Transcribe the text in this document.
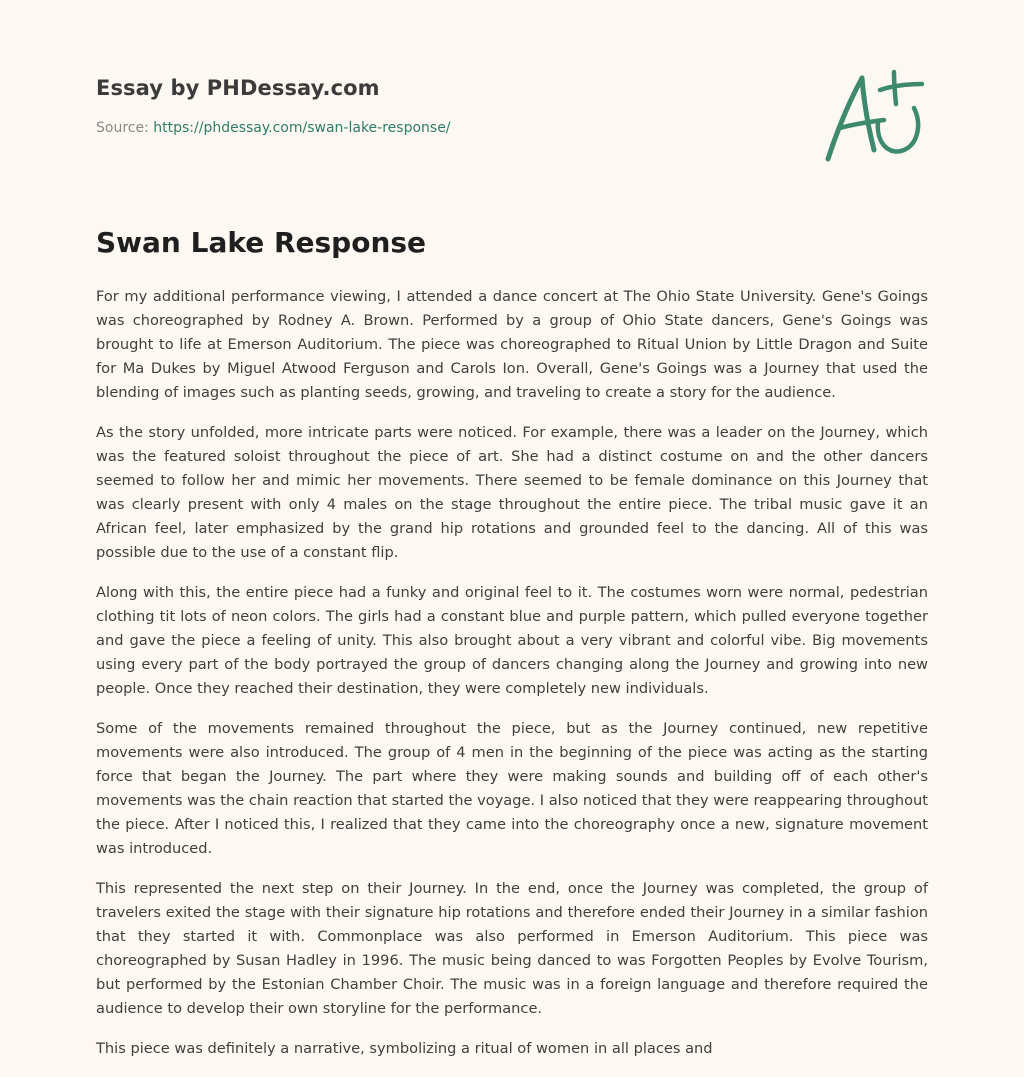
Essay by PHDessay.com
Source: https://phdessay.com/swan-lake-response/
Swan Lake Response

For my additional performance viewing, I attended a dance concert at The Ohio State University. Gene's Goings was choreographed by Rodney A. Brown. Performed by a group of Ohio State dancers, Gene's Goings was brought to life at Emerson Auditorium. The piece was choreographed to Ritual Union by Little Dragon and Suite for Ma Dukes by Miguel Atwood Ferguson and Carols Ion. Overall, Gene's Goings was a Journey that used the blending of images such as planting seeds, growing, and traveling to create a story for the audience.

As the story unfolded, more intricate parts were noticed. For example, there was a leader on the Journey, which was the featured soloist throughout the piece of art. She had a distinct costume on and the other dancers seemed to follow her and mimic her movements. There seemed to be female dominance on this Journey that was clearly present with only 4 males on the stage throughout the entire piece. The tribal music gave it an African feel, later emphasized by the grand hip rotations and grounded feel to the dancing. All of this was possible due to the use of a constant flip.

Along with this, the entire piece had a funky and original feel to it. The costumes worn were normal, pedestrian clothing tit lots of neon colors. The girls had a constant blue and purple pattern, which pulled everyone together and gave the piece a feeling of unity. This also brought about a very vibrant and colorful vibe. Big movements using every part of the body portrayed the group of dancers changing along the Journey and growing into new people. Once they reached their destination, they were completely new individuals.

Some of the movements remained throughout the piece, but as the Journey continued, new repetitive movements were also introduced. The group of 4 men in the beginning of the piece was acting as the starting force that began the Journey. The part where they were making sounds and building off of each other's movements was the chain reaction that started the voyage. I also noticed that they were reappearing throughout the piece. After I noticed this, I realized that they came into the choreography once a new, signature movement was introduced.

This represented the next step on their Journey. In the end, once the Journey was completed, the group of travelers exited the stage with their signature hip rotations and therefore ended their Journey in a similar fashion that they started it with. Commonplace was also performed in Emerson Auditorium. This piece was choreographed by Susan Hadley in 1996. The music being danced to was Forgotten Peoples by Evolve Tourism, but performed by the Estonian Chamber Choir. The music was in a foreign language and therefore required the audience to develop their own storyline for the performance.

This piece was definitely a narrative, symbolizing a ritual of women in all places and
